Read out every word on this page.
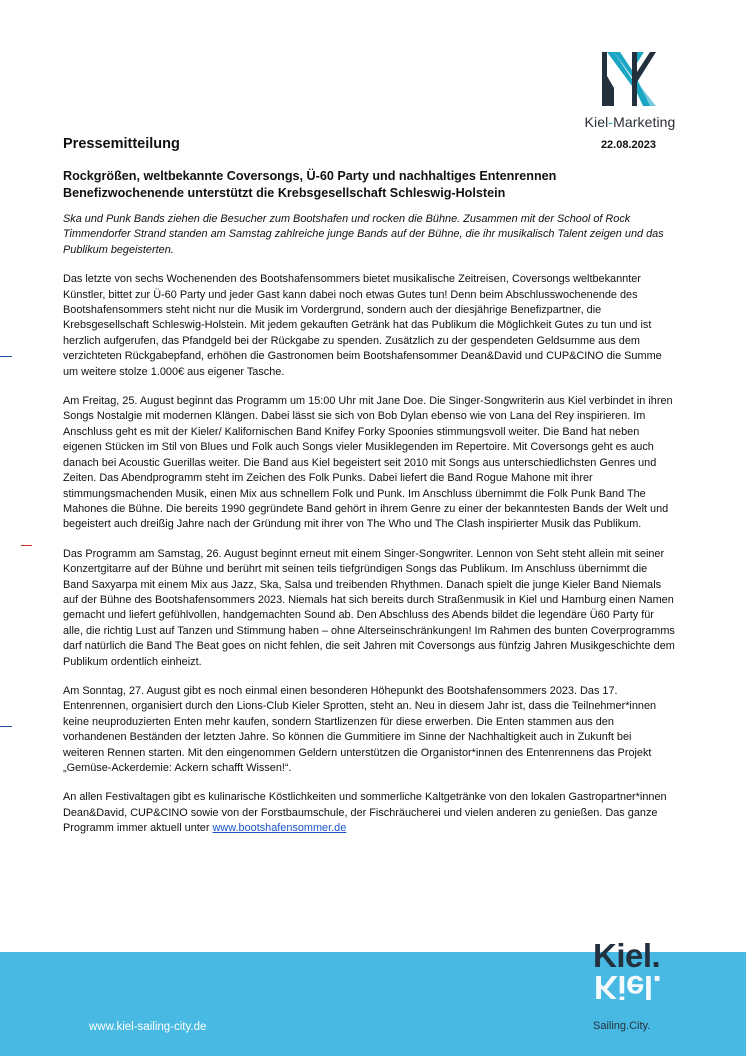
Kiel-Marketing
Pressemitteilung	22.08.2023
Rockgrößen, weltbekannte Coversongs, Ü-60 Party und nachhaltiges Entenrennen
Benefizwochenende unterstützt die Krebsgesellschaft Schleswig-Holstein

Ska und Punk Bands ziehen die Besucher zum Bootshafen und rocken die Bühne. Zusammen mit der School of Rock Timmendorfer Strand standen am Samstag zahlreiche junge Bands auf der Bühne, die ihr musikalisch Talent zeigen und das Publikum begeisterten.

Das letzte von sechs Wochenenden des Bootshafensommers bietet musikalische Zeitreisen, Coversongs weltbekannter Künstler, bittet zur Ü-60 Party und jeder Gast kann dabei noch etwas Gutes tun! Denn beim Abschlusswochenende des Bootshafensommers steht nicht nur die Musik im Vordergrund, sondern auch der diesjährige Benefizpartner, die Krebsgesellschaft Schleswig-Holstein. Mit jedem gekauften Getränk hat das Publikum die Möglichkeit Gutes zu tun und ist herzlich aufgerufen, das Pfandgeld bei der Rückgabe zu spenden. Zusätzlich zu der gespendeten Geldsumme aus dem verzichteten Rückgabepfand, erhöhen die Gastronomen beim Bootshafensommer Dean&David und CUP&CINO die Summe um weitere stolze 1.000€ aus eigener Tasche.

Am Freitag, 25. August beginnt das Programm um 15:00 Uhr mit Jane Doe. Die Singer-Songwriterin aus Kiel verbindet in ihren Songs Nostalgie mit modernen Klängen. Dabei lässt sie sich von Bob Dylan ebenso wie von Lana del Rey inspirieren. Im Anschluss geht es mit der Kieler/ Kalifornischen Band Knifey Forky Spoonies stimmungsvoll weiter. Die Band hat neben eigenen Stücken im Stil von Blues und Folk auch Songs vieler Musiklegenden im Repertoire. Mit Coversongs geht es auch danach bei Acoustic Guerillas weiter. Die Band aus Kiel begeistert seit 2010 mit Songs aus unterschiedlichsten Genres und Zeiten. Das Abendprogramm steht im Zeichen des Folk Punks. Dabei liefert die Band Rogue Mahone mit ihrer stimmungsmachenden Musik, einen Mix aus schnellem Folk und Punk. Im Anschluss übernimmt die Folk Punk Band The Mahones die Bühne. Die bereits 1990 gegründete Band gehört in ihrem Genre zu einer der bekanntesten Bands der Welt und begeistert auch dreißig Jahre nach der Gründung mit ihrer von The Who und The Clash inspirierter Musik das Publikum.

Das Programm am Samstag, 26. August beginnt erneut mit einem Singer-Songwriter. Lennon von Seht steht allein mit seiner Konzertgitarre auf der Bühne und berührt mit seinen teils tiefgründigen Songs das Publikum. Im Anschluss übernimmt die Band Saxyarpa mit einem Mix aus Jazz, Ska, Salsa und treibenden Rhythmen. Danach spielt die junge Kieler Band Niemals auf der Bühne des Bootshafensommers 2023. Niemals hat sich bereits durch Straßenmusik in Kiel und Hamburg einen Namen gemacht und liefert gefühlvollen, handgemachten Sound ab. Den Abschluss des Abends bildet die legendäre Ü60 Party für alle, die richtig Lust auf Tanzen und Stimmung haben – ohne Alterseinschränkungen! Im Rahmen des bunten Coverprogramms darf natürlich die Band The Beat goes on nicht fehlen, die seit Jahren mit Coversongs aus fünfzig Jahren Musikgeschichte dem Publikum ordentlich einheizt.

Am Sonntag, 27. August gibt es noch einmal einen besonderen Höhepunkt des Bootshafensommers 2023. Das 17. Entenrennen, organisiert durch den Lions-Club Kieler Sprotten, steht an. Neu in diesem Jahr ist, dass die Teilnehmer*innen keine neuproduzierten Enten mehr kaufen, sondern Startlizenzen für diese erwerben. Die Enten stammen aus den vorhandenen Beständen der letzten Jahre. So können die Gummitiere im Sinne der Nachhaltigkeit auch in Zukunft bei weiteren Rennen starten. Mit den eingenommen Geldern unterstützen die Organistor*innen des Entenrennens das Projekt „Gemüse-Ackerdemie: Ackern schafft Wissen!“.

An allen Festivaltagen gibt es kulinarische Köstlichkeiten und sommerliche Kaltgetränke von den lokalen Gastropartner*innen Dean&David, CUP&CINO sowie von der Forstbaumschule, der Fischräucherei und vielen anderen zu genießen. Das ganze Programm immer aktuell unter www.bootshafensommer.de

www.kiel-sailing-city.de
Kiel.
Kiel.
Sailing.City.
